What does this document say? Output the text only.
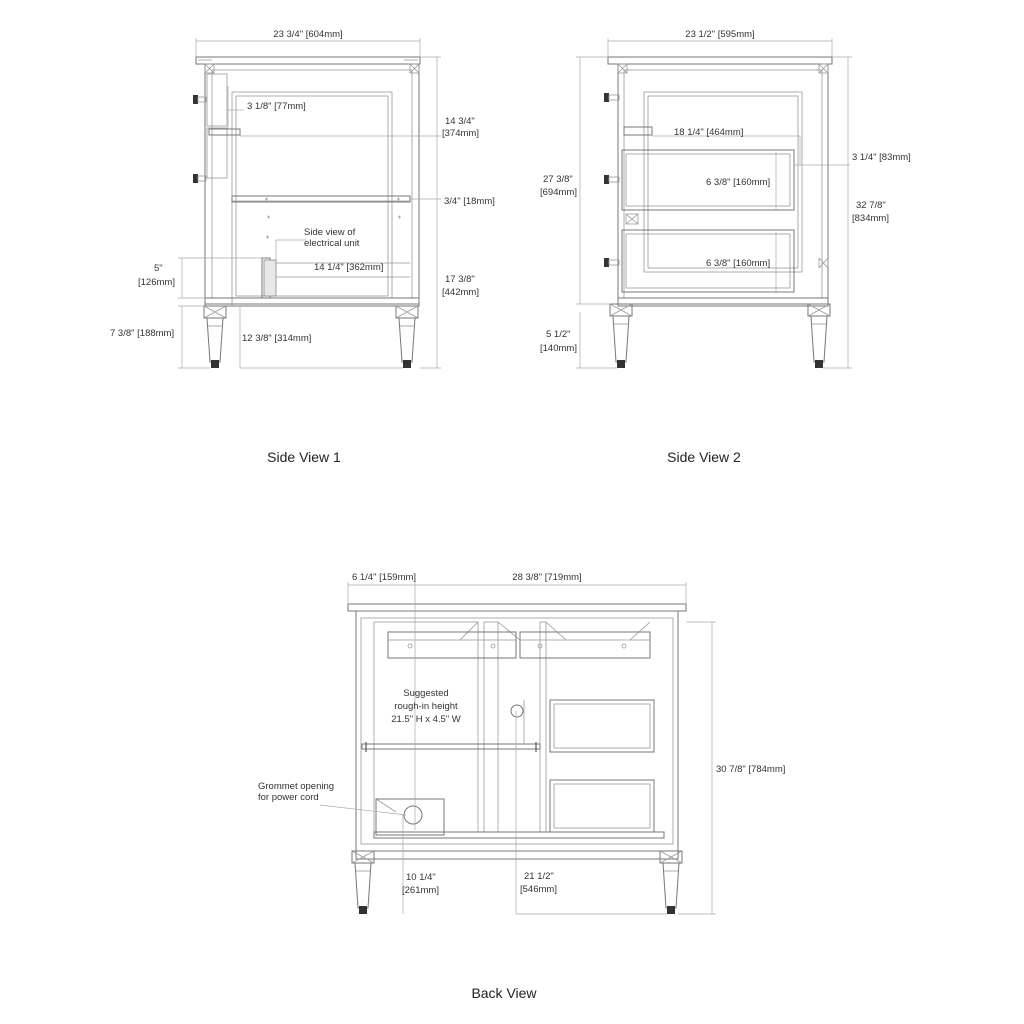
23 3/4" [604mm]
3 1/8" [77mm]
14 3/4"
[374mm]
3/4" [18mm]
Side view of
electrical unit
14 1/4" [362mm]
5"
[126mm]	17 3/8"
[442mm]
7 3/8" [188mm]	12 3/8" [314mm]
Side View 1
23 1/2" [595mm]
18 1/4" [464mm]
3 1/4" [83mm]
6 3/8" [160mm]
6 3/8" [160mm]
27 3/8"
[694mm]
32 7/8"
[834mm]
5 1/2"
[140mm]
Side View 2
6 1/4" [159mm]	28 3/8" [719mm]
Suggested
rough-in height
21.5" H x 4.5" W
Grommet opening
for power cord
30 7/8" [784mm]
10 1/4"
[261mm]
21 1/2"
[546mm]
Back View
